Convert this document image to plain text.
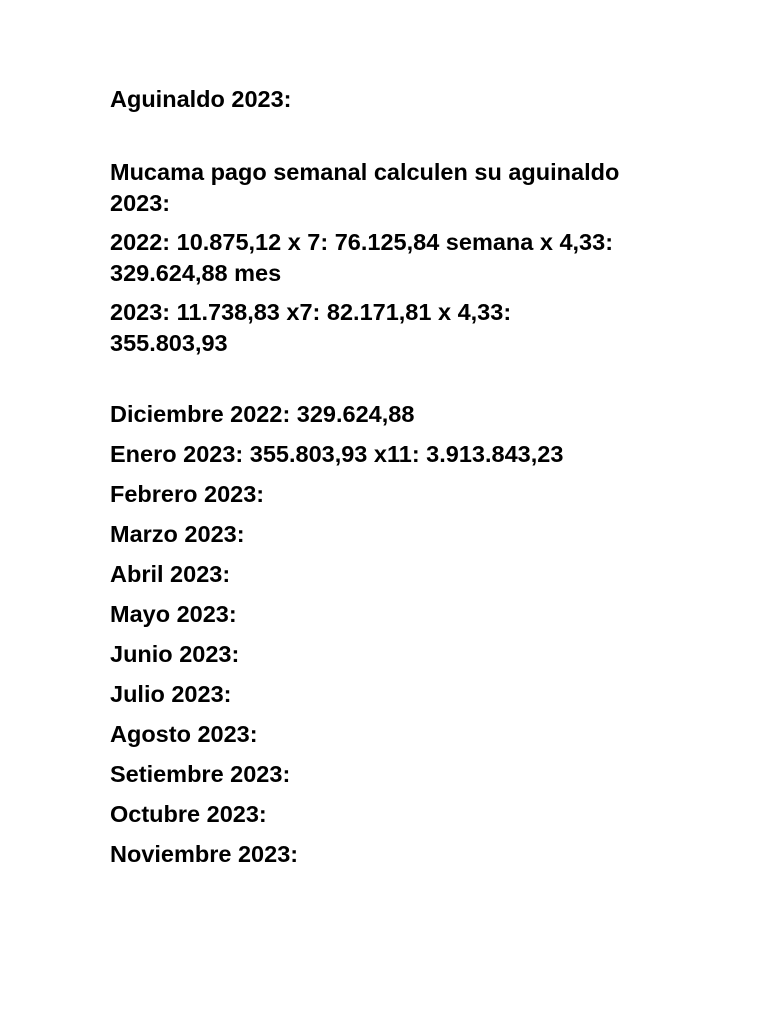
Aguinaldo 2023:
Mucama pago semanal calculen su aguinaldo 2023:
2022: 10.875,12 x 7: 76.125,84 semana x 4,33: 329.624,88 mes
2023: 11.738,83 x7: 82.171,81 x 4,33: 355.803,93
Diciembre 2022: 329.624,88
Enero 2023: 355.803,93 x11: 3.913.843,23
Febrero 2023:
Marzo 2023:
Abril 2023:
Mayo 2023:
Junio 2023:
Julio 2023:
Agosto 2023:
Setiembre 2023:
Octubre 2023:
Noviembre 2023:
